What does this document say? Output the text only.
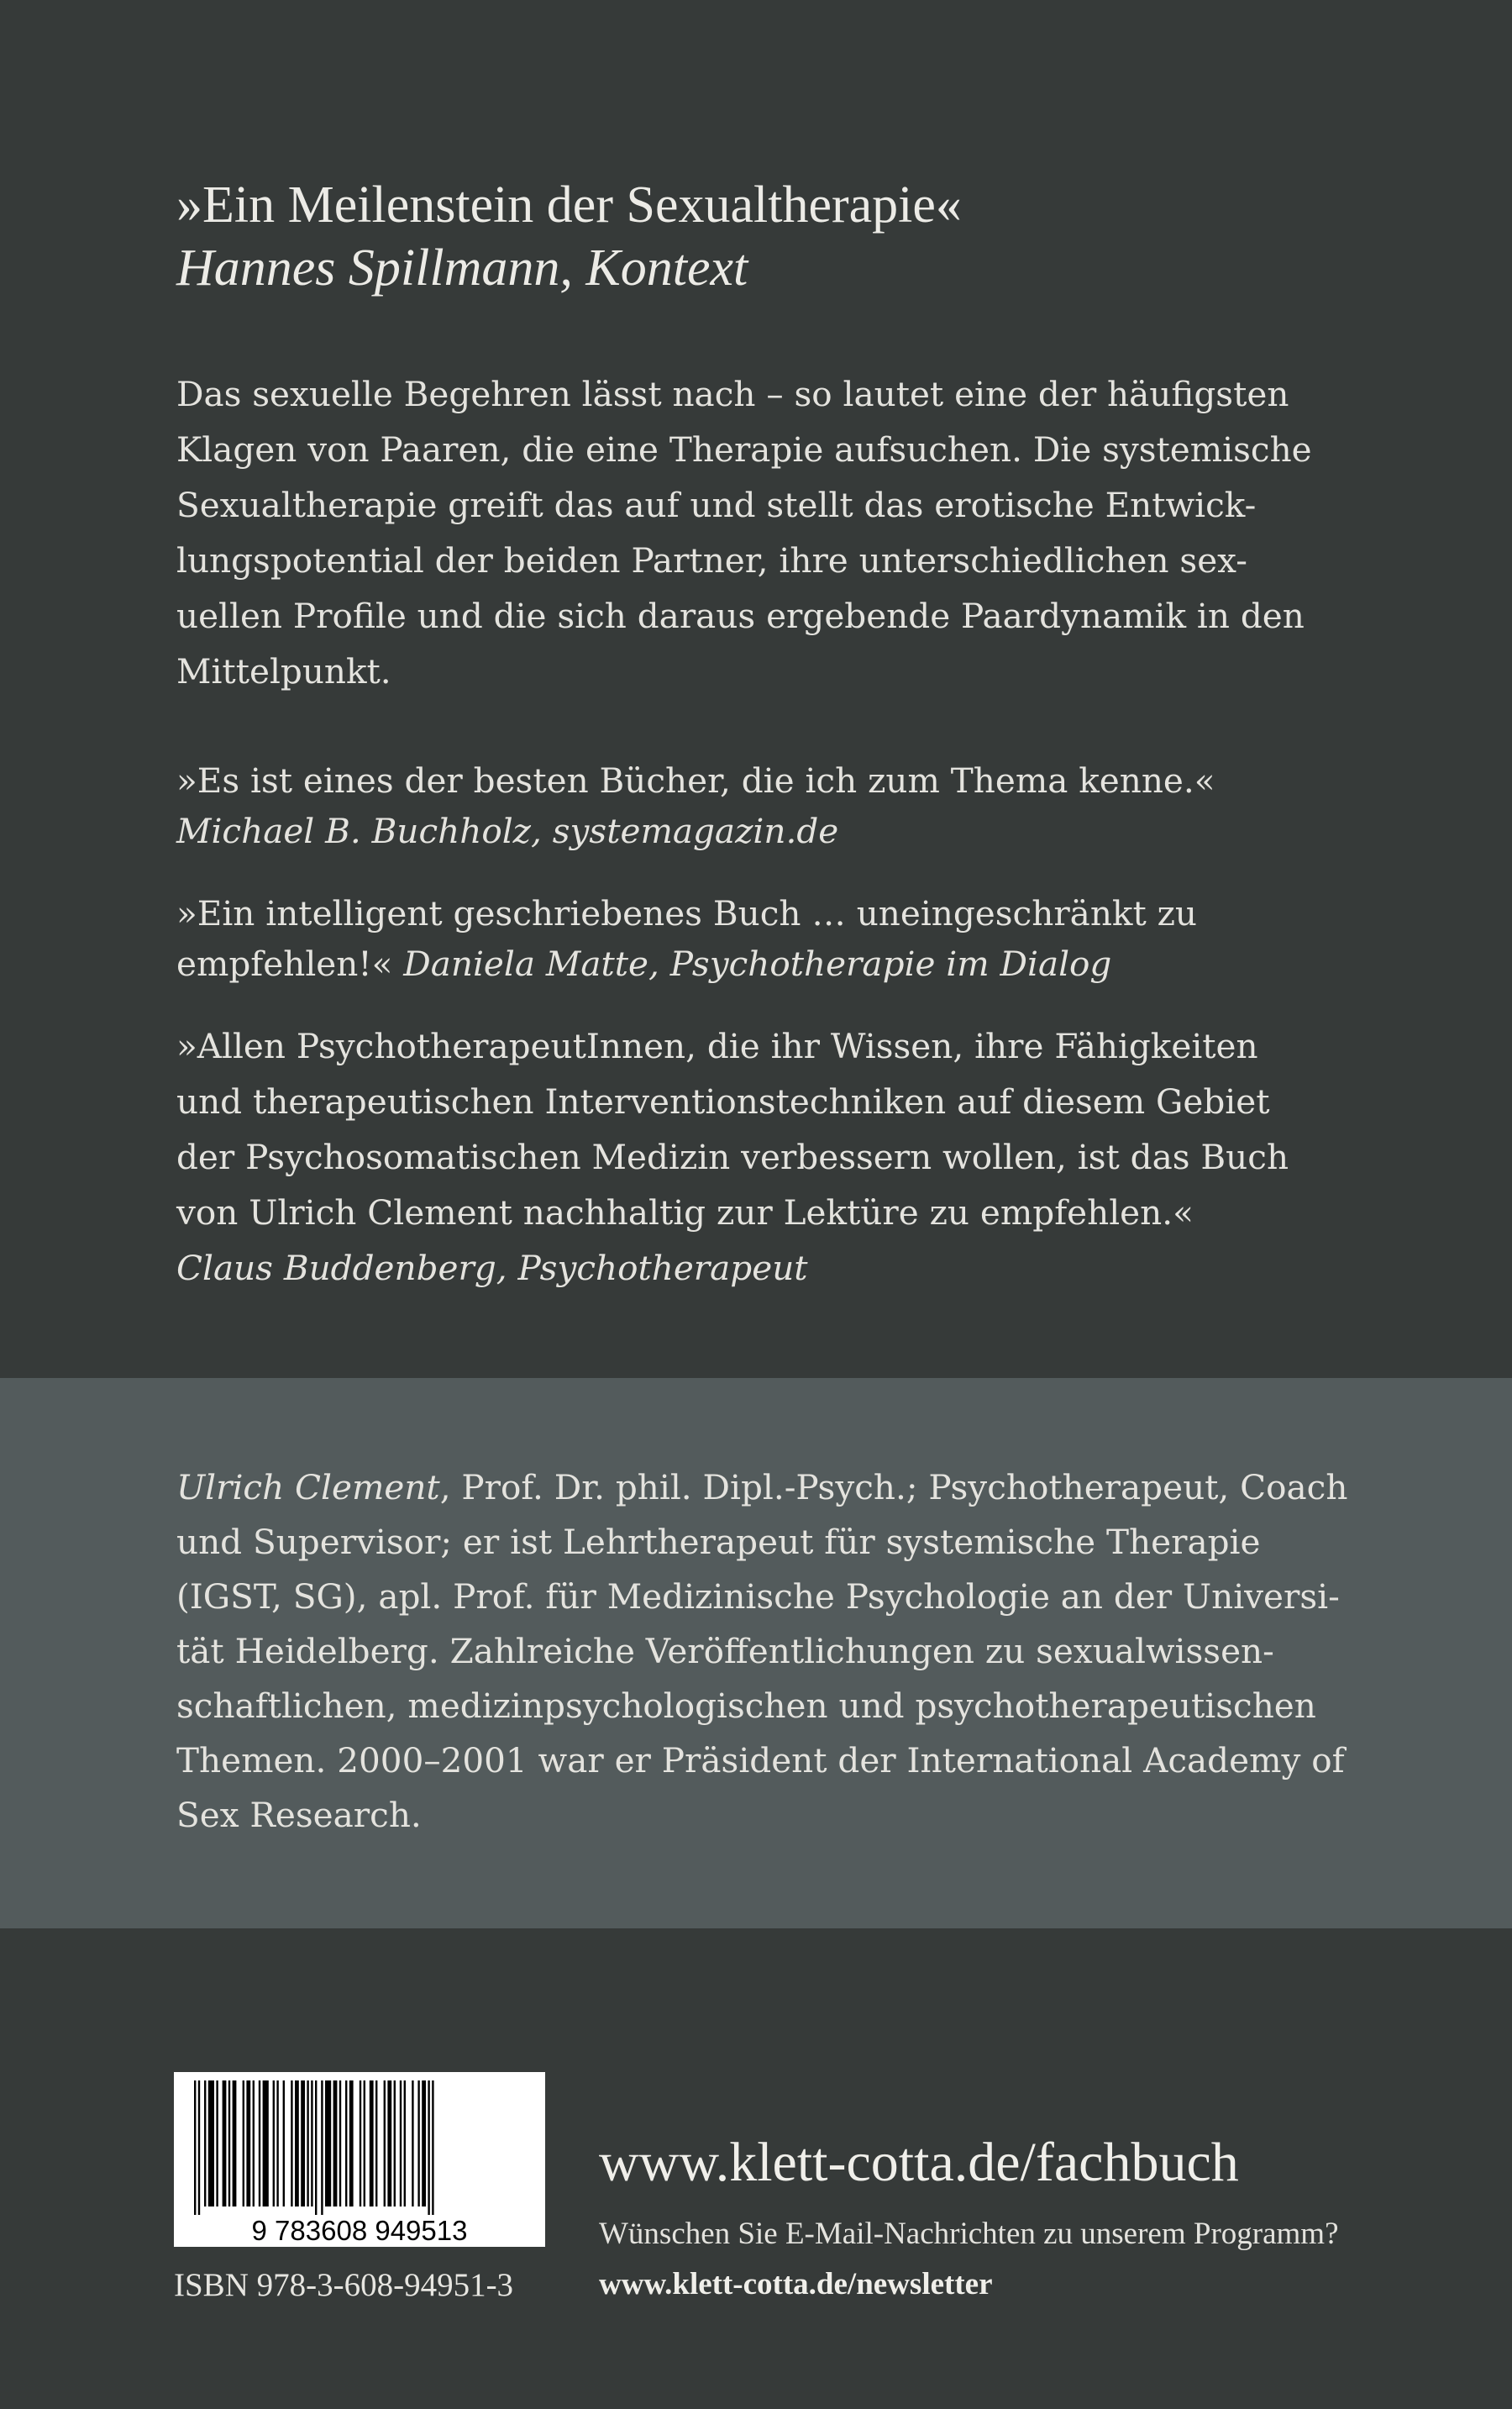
»Ein Meilenstein der Sexualtherapie«

Hannes Spillmann, Kontext

Das sexuelle Begehren lässt nach – so lautet eine der häufigsten
Klagen von Paaren, die eine Therapie aufsuchen. Die systemische
Sexualtherapie greift das auf und stellt das erotische Entwick-
lungspotential der beiden Partner, ihre unterschiedlichen sex-
uellen Profile und die sich daraus ergebende Paardynamik in den
Mittelpunkt.
»Es ist eines der besten Bücher, die ich zum Thema kenne.«
Michael B. Buchholz, systemagazin.de
»Ein intelligent geschriebenes Buch … uneingeschränkt zu
empfehlen!« Daniela Matte, Psychotherapie im Dialog
»Allen PsychotherapeutInnen, die ihr Wissen, ihre Fähigkeiten
und therapeutischen Interventionstechniken auf diesem Gebiet
der Psychosomatischen Medizin verbessern wollen, ist das Buch
von Ulrich Clement nachhaltig zur Lektüre zu empfehlen.«
Claus Buddenberg, Psychotherapeut
Ulrich Clement, Prof. Dr. phil. Dipl.-Psych.; Psychotherapeut, Coach
und Supervisor; er ist Lehrtherapeut für systemische Therapie
(IGST, SG), apl. Prof. für Medizinische Psychologie an der Universi-
tät Heidelberg. Zahlreiche Veröffentlichungen zu sexualwissen-
schaftlichen, medizinpsychologischen und psychotherapeutischen
Themen. 2000–2001 war er Präsident der International Academy of
Sex Research.
9 783608 949513

ISBN 978-3-608-94951-3

www.klett-cotta.de/fachbuch

Wünschen Sie E-Mail-Nachrichten zu unserem Programm?

www.klett-cotta.de/newsletter
